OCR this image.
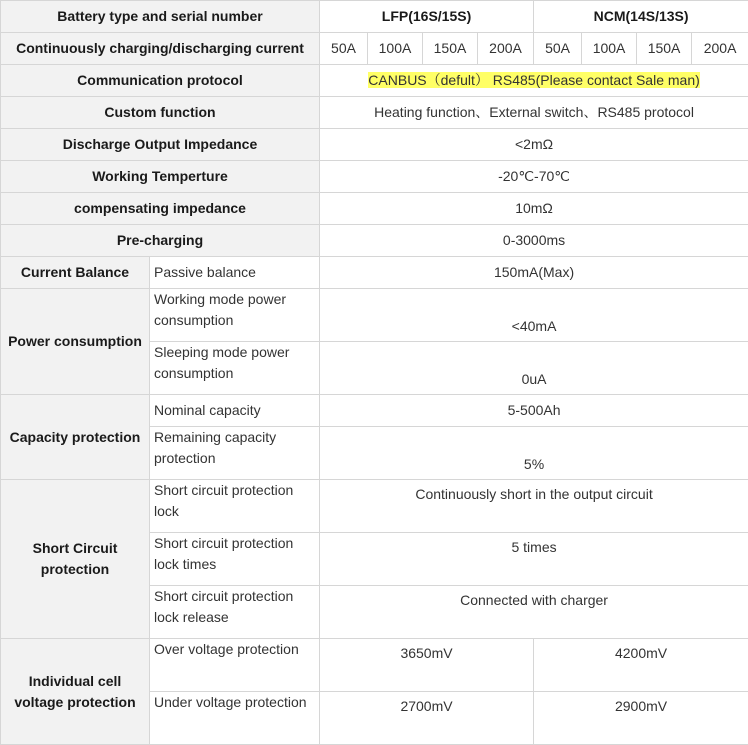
Battery type and serial number		LFP(16S/15S)				NCM(14S/13S)			
Continuously charging/discharging current		50A	100A	150A	200A	50A	100A	150A	200A
Communication protocol		CANBUS（defult） RS485(Please contact Sale man)							
Custom function		Heating function、External switch、RS485 protocol							
Discharge Output Impedance		<2mΩ							
Working Temperture		-20℃-70℃							
compensating impedance		10mΩ							
Pre-charging		0-3000ms							
Current Balance	Passive balance	150mA(Max)							
Power consumption	Working mode power consumption	<40mA							
	Sleeping mode power consumption	0uA							
Capacity protection	Nominal capacity	5-500Ah							
	Remaining capacity protection	5%							
Short Circuit protection	Short circuit protection lock	Continuously short in the output circuit							
	Short circuit protection lock times	5 times							
	Short circuit protection lock release	Connected with charger							
Individual cell voltage protection	Over voltage protection	3650mV				4200mV			
	Under voltage protection	2700mV				2900mV			
